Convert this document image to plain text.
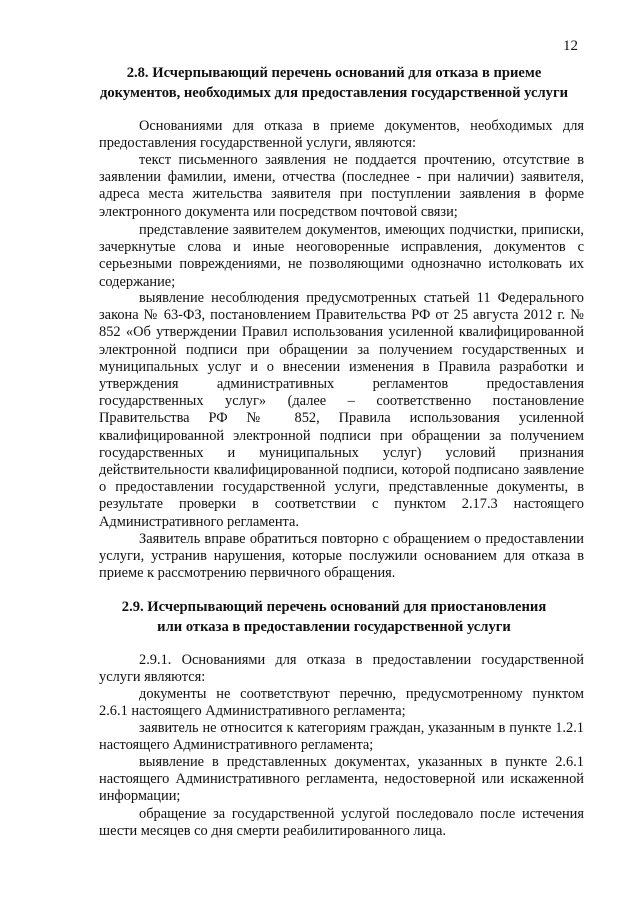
12
2.8. Исчерпывающий перечень оснований для отказа в приеме
документов, необходимых для предоставления государственной услуги

Основаниями для отказа в приеме документов, необходимых для предоставления государственной услуги, являются:

текст письменного заявления не поддается прочтению, отсутствие в заявлении фамилии, имени, отчества (последнее - при наличии) заявителя, адреса места жительства заявителя при поступлении заявления в форме электронного документа или посредством почтовой связи;

представление заявителем документов, имеющих подчистки, приписки, зачеркнутые слова и иные неоговоренные исправления, документов с серьезными повреждениями, не позволяющими однозначно истолковать их содержание;

выявление несоблюдения предусмотренных статьей 11 Федерального закона № 63-ФЗ, постановлением Правительства РФ от 25 августа 2012 г. № 852 «Об утверждении Правил использования усиленной квалифицированной электронной подписи при обращении за получением государственных и муниципальных услуг и о внесении изменения в Правила разработки и утверждения административных регламентов предоставления государственных услуг» (далее – соответственно постановление Правительства РФ № 852, Правила использования усиленной квалифицированной электронной подписи при обращении за получением государственных и муниципальных услуг) условий признания действительности квалифицированной подписи, которой подписано заявление о предоставлении государственной услуги, представленные документы, в результате проверки в соответствии с пунктом 2.17.3 настоящего Административного регламента.

Заявитель вправе обратиться повторно с обращением о предоставлении услуги, устранив нарушения, которые послужили основанием для отказа в приеме к рассмотрению первичного обращения.

2.9. Исчерпывающий перечень оснований для приостановления
или отказа в предоставлении государственной услуги

2.9.1. Основаниями для отказа в предоставлении государственной услуги являются:

документы не соответствуют перечню, предусмотренному пунктом 2.6.1 настоящего Административного регламента;

заявитель не относится к категориям граждан, указанным в пункте 1.2.1 настоящего Административного регламента;

выявление в представленных документах, указанных в пункте 2.6.1 настоящего Административного регламента, недостоверной или искаженной информации;

обращение за государственной услугой последовало после истечения шести месяцев со дня смерти реабилитированного лица.
